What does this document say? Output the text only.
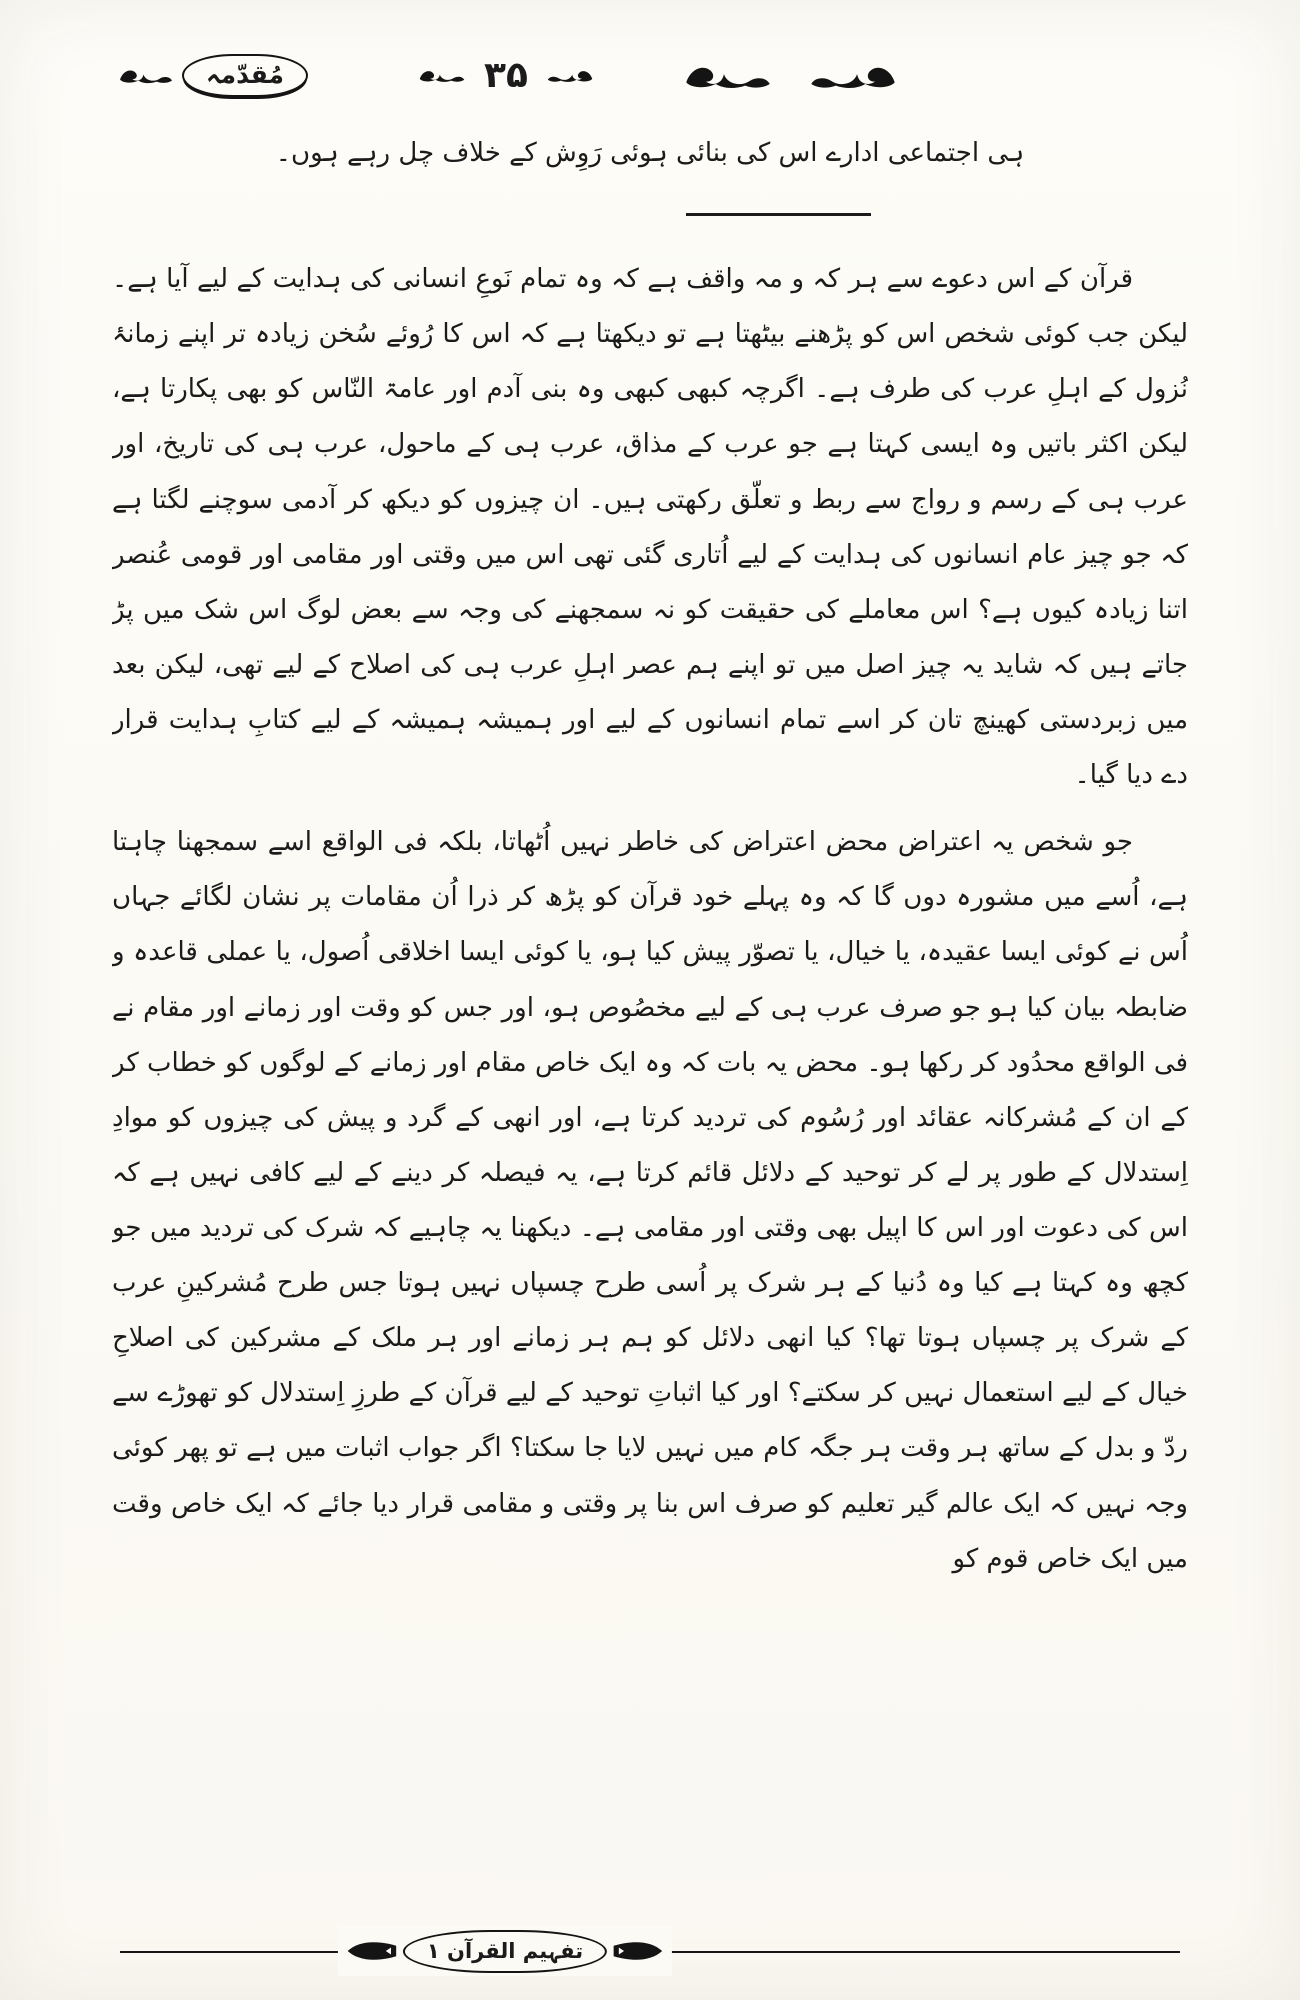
مُقدّمہ	۳۵

ہی اجتماعی ادارے اس کی بنائی ہوئی رَوِش کے خلاف چل رہے ہوں۔

قرآن کے اس دعوے سے ہر کہ و مہ واقف ہے کہ وہ تمام نَوعِ انسانی کی ہدایت کے لیے آیا ہے۔ لیکن جب کوئی شخص اس کو پڑھنے بیٹھتا ہے تو دیکھتا ہے کہ اس کا رُوئے سُخن زیادہ تر اپنے زمانۂ نُزول کے اہلِ عرب کی طرف ہے۔ اگرچہ کبھی کبھی وہ بنی آدم اور عامۃ النّاس کو بھی پکارتا ہے، لیکن اکثر باتیں وہ ایسی کہتا ہے جو عرب کے مذاق، عرب ہی کے ماحول، عرب ہی کی تاریخ، اور عرب ہی کے رسم و رواج سے ربط و تعلّق رکھتی ہیں۔ ان چیزوں کو دیکھ کر آدمی سوچنے لگتا ہے کہ جو چیز عام انسانوں کی ہدایت کے لیے اُتاری گئی تھی اس میں وقتی اور مقامی اور قومی عُنصر اتنا زیادہ کیوں ہے؟ اس معاملے کی حقیقت کو نہ سمجھنے کی وجہ سے بعض لوگ اس شک میں پڑ جاتے ہیں کہ شاید یہ چیز اصل میں تو اپنے ہم عصر اہلِ عرب ہی کی اصلاح کے لیے تھی، لیکن بعد میں زبردستی کھینچ تان کر اسے تمام انسانوں کے لیے اور ہمیشہ ہمیشہ کے لیے کتابِ ہدایت قرار دے دیا گیا۔

جو شخص یہ اعتراض محض اعتراض کی خاطر نہیں اُٹھاتا، بلکہ فی الواقع اسے سمجھنا چاہتا ہے، اُسے میں مشورہ دوں گا کہ وہ پہلے خود قرآن کو پڑھ کر ذرا اُن مقامات پر نشان لگائے جہاں اُس نے کوئی ایسا عقیدہ، یا خیال، یا تصوّر پیش کیا ہو، یا کوئی ایسا اخلاقی اُصول، یا عملی قاعدہ و ضابطہ بیان کیا ہو جو صرف عرب ہی کے لیے مخصُوص ہو، اور جس کو وقت اور زمانے اور مقام نے فی الواقع محدُود کر رکھا ہو۔ محض یہ بات کہ وہ ایک خاص مقام اور زمانے کے لوگوں کو خطاب کر کے ان کے مُشرکانہ عقائد اور رُسُوم کی تردید کرتا ہے، اور انھی کے گرد و پیش کی چیزوں کو موادِ اِستدلال کے طور پر لے کر توحید کے دلائل قائم کرتا ہے، یہ فیصلہ کر دینے کے لیے کافی نہیں ہے کہ اس کی دعوت اور اس کا اپیل بھی وقتی اور مقامی ہے۔ دیکھنا یہ چاہیے کہ شرک کی تردید میں جو کچھ وہ کہتا ہے کیا وہ دُنیا کے ہر شرک پر اُسی طرح چسپاں نہیں ہوتا جس طرح مُشرکینِ عرب کے شرک پر چسپاں ہوتا تھا؟ کیا انھی دلائل کو ہم ہر زمانے اور ہر ملک کے مشرکین کی اصلاحِ خیال کے لیے استعمال نہیں کر سکتے؟ اور کیا اثباتِ توحید کے لیے قرآن کے طرزِ اِستدلال کو تھوڑے سے ردّ و بدل کے ساتھ ہر وقت ہر جگہ کام میں نہیں لایا جا سکتا؟ اگر جواب اثبات میں ہے تو پھر کوئی وجہ نہیں کہ ایک عالم گیر تعلیم کو صرف اس بنا پر وقتی و مقامی قرار دیا جائے کہ ایک خاص وقت میں ایک خاص قوم کو

تفہیم القرآن ۱
